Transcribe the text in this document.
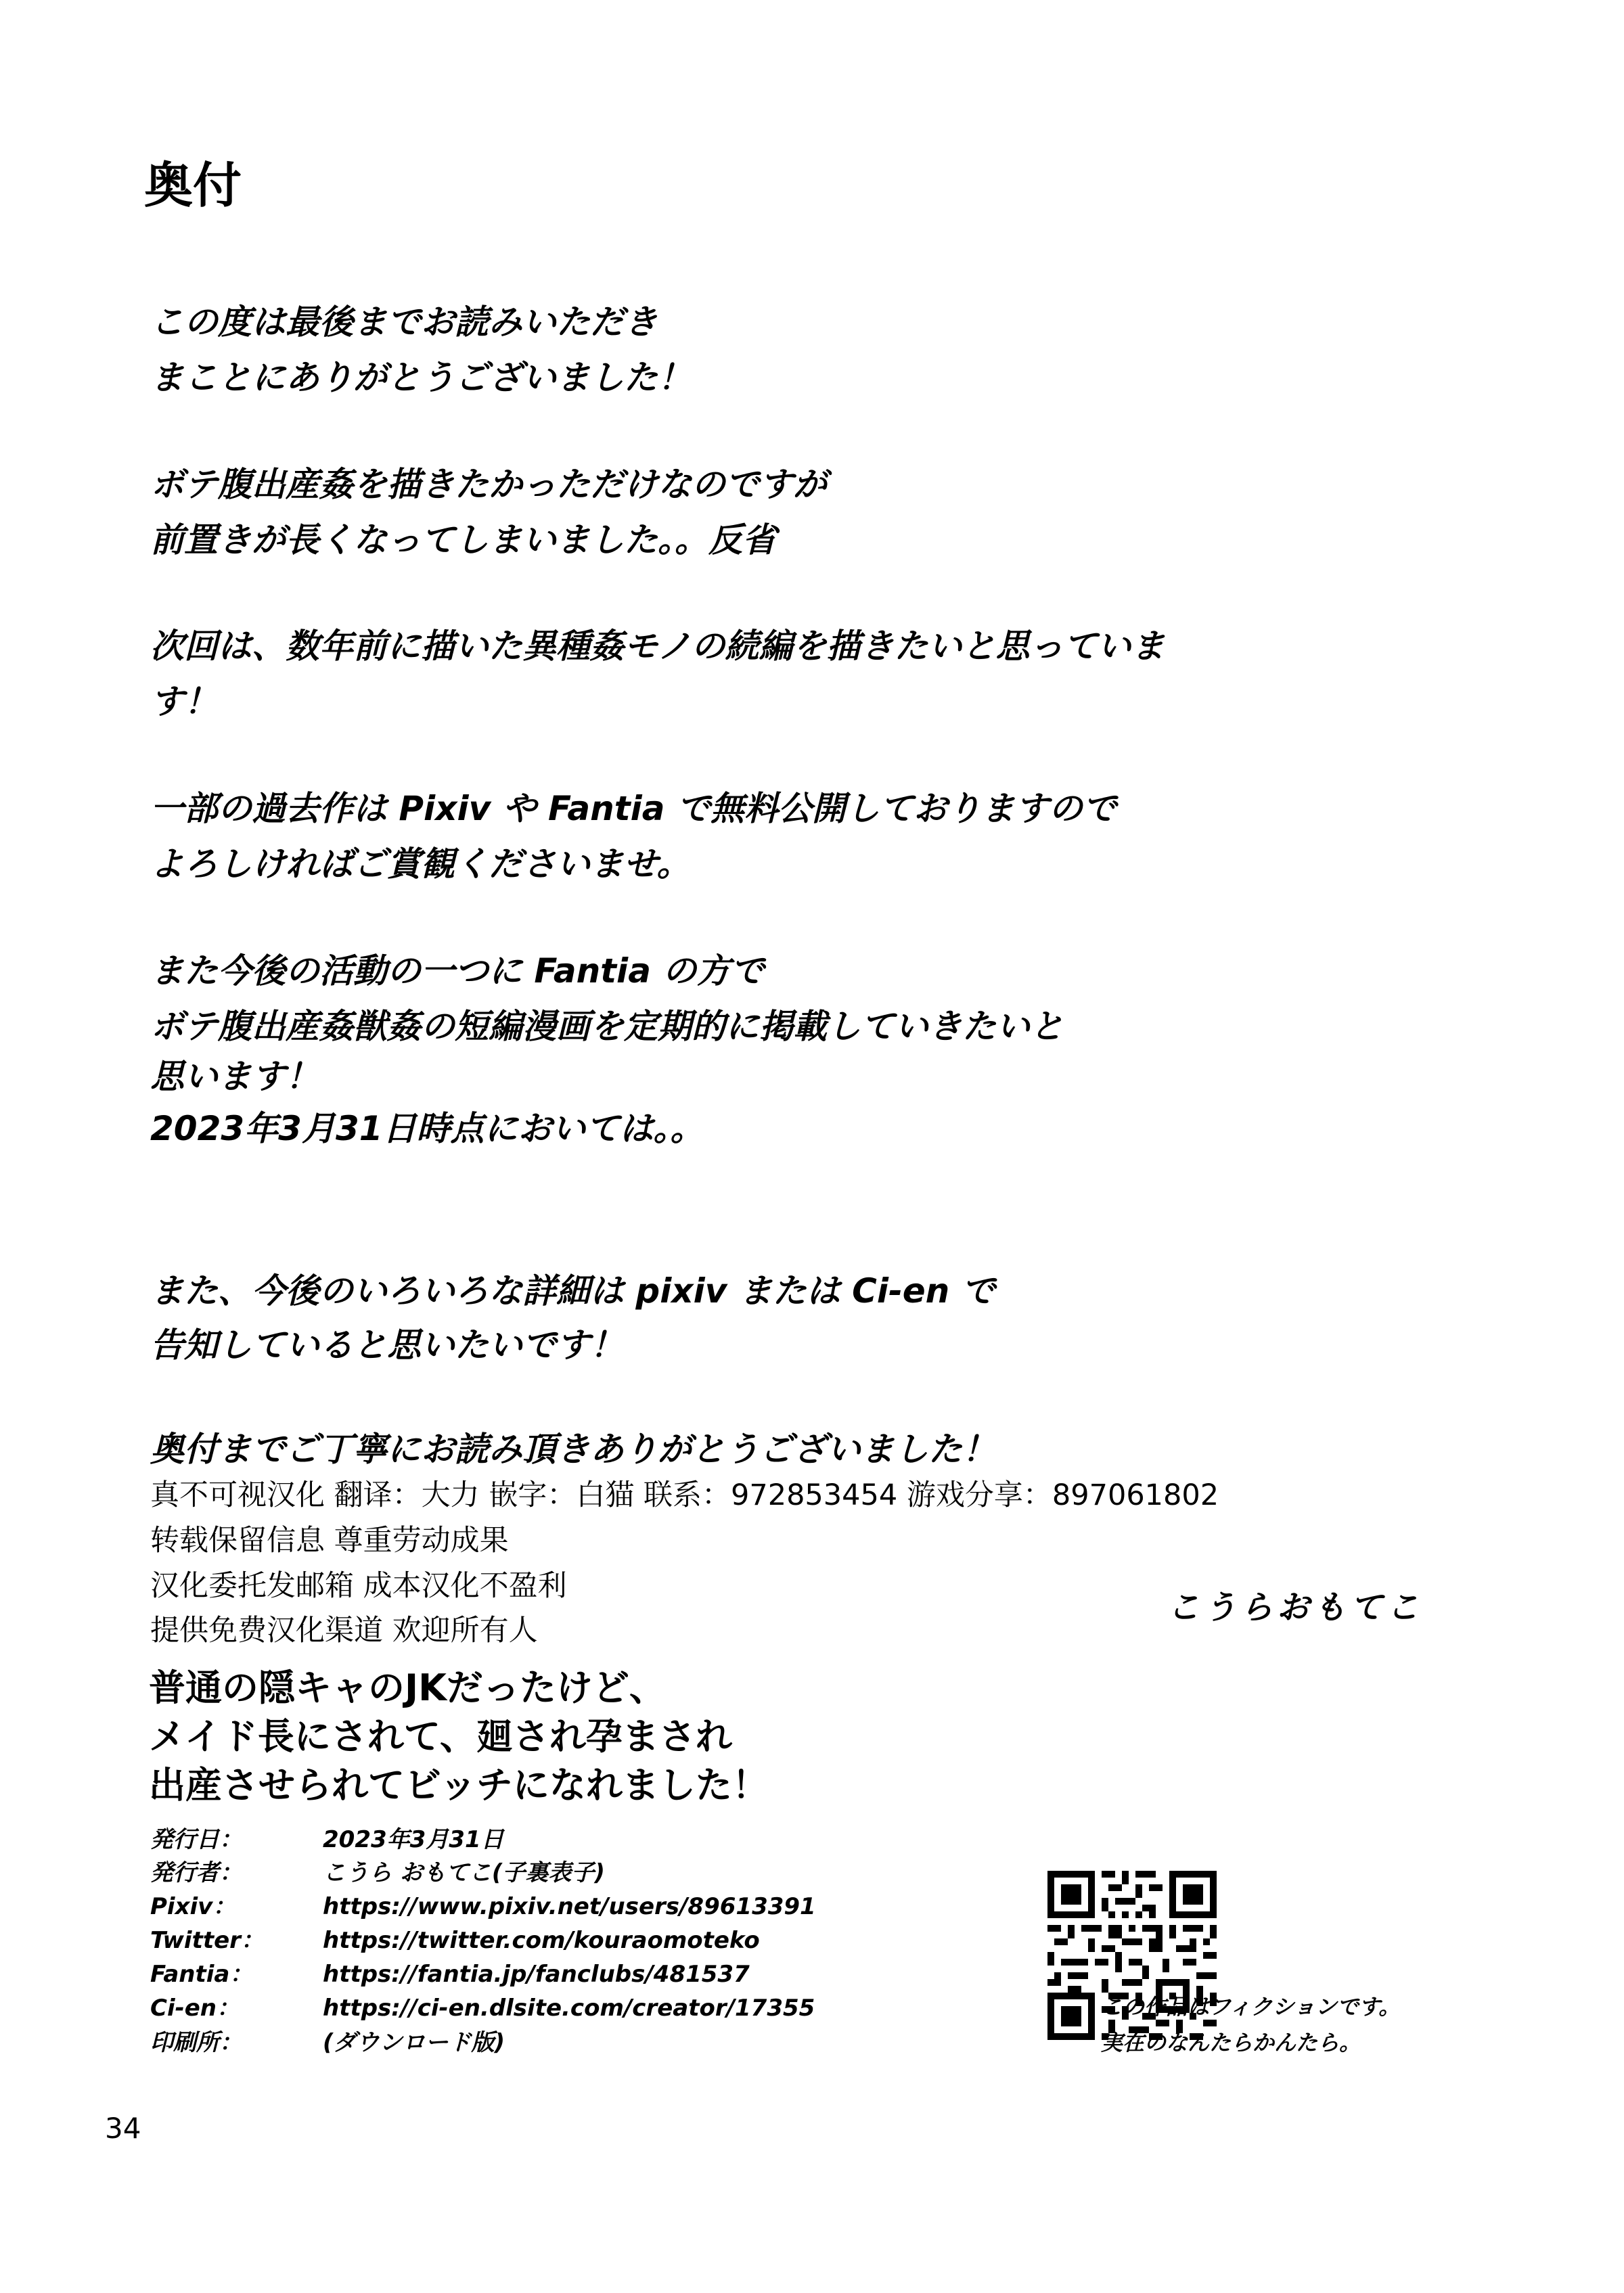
奥付
この度は最後までお読みいただき
まことにありがとうございました！
ボテ腹出産姦を描きたかっただけなのですが
前置きが長くなってしまいました。。反省
次回は、数年前に描いた異種姦モノの続編を描きたいと思っていま
す！
一部の過去作は Pixiv や Fantia で無料公開しておりますので
よろしければご賞観くださいませ。
また今後の活動の一つに Fantia の方で
ボテ腹出産姦獣姦の短編漫画を定期的に掲載していきたいと
思います！
2023年3月31日時点においては。。
また、今後のいろいろな詳細は pixiv または Ci-en で
告知していると思いたいです！
奥付までご丁寧にお読み頂きありがとうございました！
真不可视汉化 翻译：大力 嵌字：白猫 联系：972853454 游戏分享：897061802
转载保留信息 尊重劳动成果
汉化委托发邮箱 成本汉化不盈利
提供免费汉化渠道 欢迎所有人
こうらおもてこ
普通の隠キャのJKだったけど、
メイド長にされて、廻され孕まされ
出産させられてビッチになれました！
発行日：	2023年3月31日
発行者：	こうら おもてこ(子裏表子)
Pixiv：	https://www.pixiv.net/users/89613391
Twitter：	https://twitter.com/kouraomoteko
Fantia：	https://fantia.jp/fanclubs/481537
Ci-en：	https://ci-en.dlsite.com/creator/17355
印刷所：	(ダウンロード版)
この作品はフィクションです。
実在のなんたらかんたら。
34
